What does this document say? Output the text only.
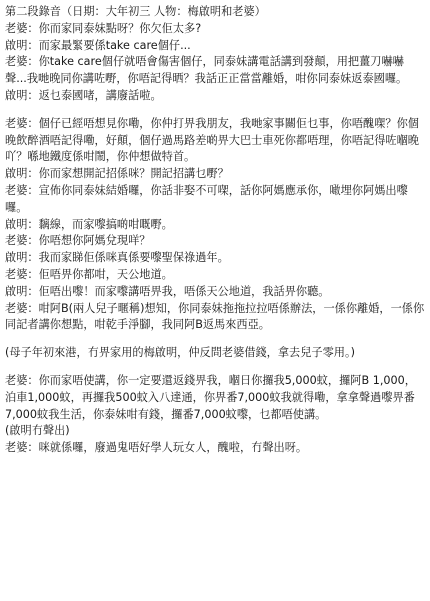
第二段錄音（日期：大年初三 人物：梅啟明和老婆）

老婆：你而家同泰妹點呀？你欠佢太多?

啟明：而家最緊要係take care個仔...

老婆：你take care個仔就唔會傷害個仔，同泰妹講電話講到發顛，用把薑刀嚇嚇聲...我哋晚同你講咗嘢，你唔記得晒？我話正正當當離婚，咁你同泰妹返泰國囉。

啟明：返乜泰國啫，講廢話啦。

老婆：個仔已經唔想見你嘞，你仲打畀我朋友，我哋家事關佢乜事，你唔醜㗎？你個晚飲醉酒唔記得嘞，好顛，個仔過馬路差啲畀大巴士車死你都唔理，你唔記得咗嗰晚吖？喺地鐵度係咁鬧，你仲想做特首。

啟明：你而家想開記招係咪？開記招講乜嘢？

老婆：宣佈你同泰妹結婚囉，你話非娶不可㗎，話你阿媽應承你，噉埋你阿媽出嚟囉。

啟明：黐線，而家嚟搞啲咁嘅嘢。

老婆：你唔想你阿媽兌現咩？

啟明：我而家睇佢係咪真係要嚟聖保祿過年。

老婆：佢唔畀你都咁，天公地道。

啟明：佢唔出嚟！而家嚟講唔畀我，唔係天公地道，我話畀你聽。

老婆：咁阿B(兩人兒子暱稱)想知，你同泰妹拖拖拉拉唔係辦法，一係你離婚，一係你同記者講你想點，咁乾手淨腳，我同阿B返馬來西亞。

(母子年初來港，冇畀家用的梅啟明，仲反問老婆借錢，拿去兒子零用。)

老婆：你而家唔使講，你一定要還返錢畀我，嗰日你攞我5,000蚊，攞阿B 1,000，泊車1,000蚊，再攞我500蚊入八達通，你畀番7,000蚊我就得嘞，拿拿聲過嚟畀番7,000蚊我生活，你泰妹咁有錢，攞番7,000蚊嚟，乜都唔使講。

(啟明冇聲出)

老婆：咪就係囉，廢過鬼唔好學人玩女人，醜啦，冇聲出呀。
